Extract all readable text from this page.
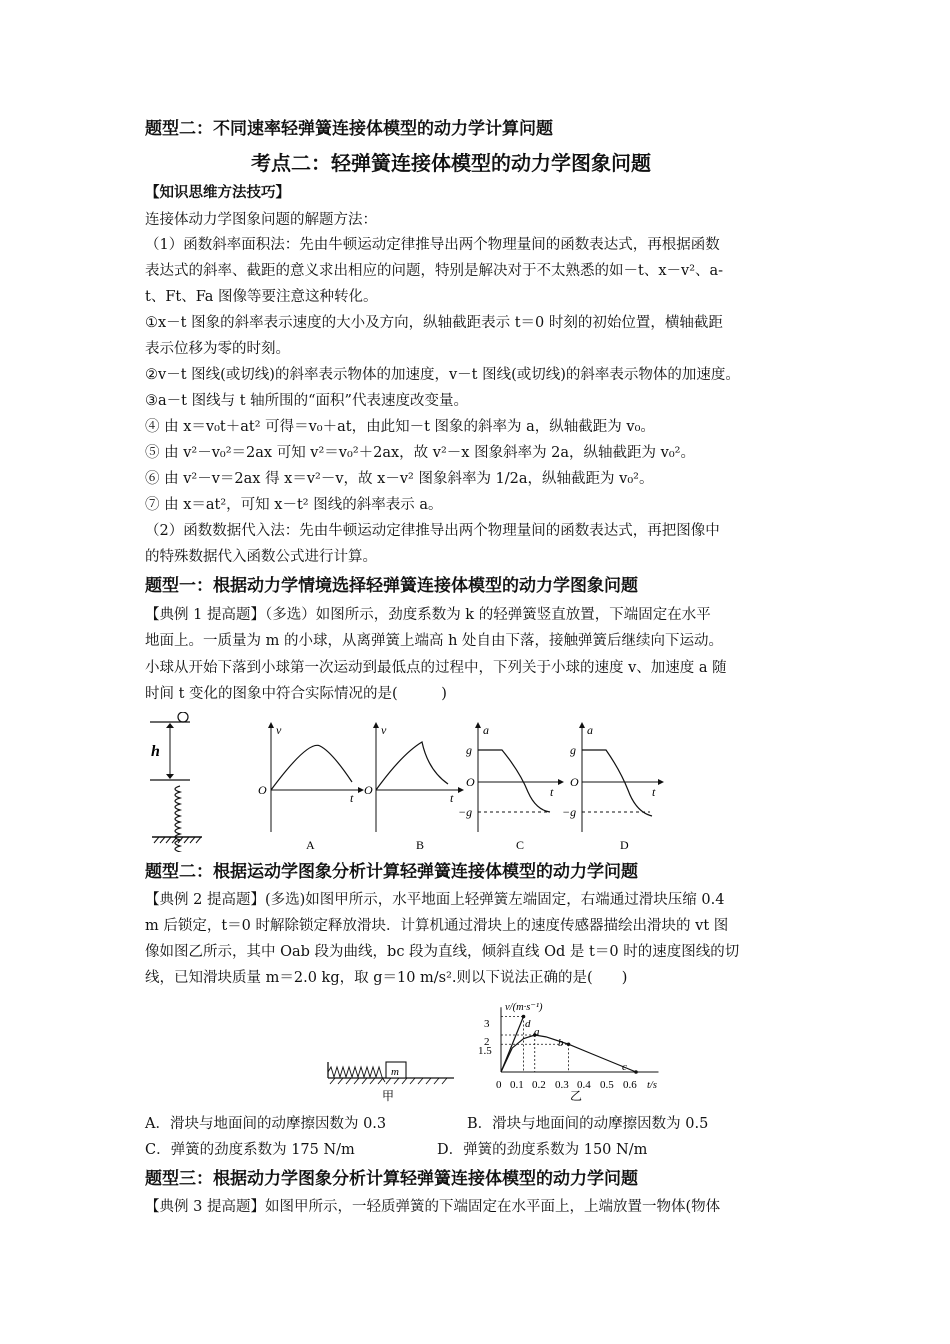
题型二：不同速率轻弹簧连接体模型的动力学计算问题
考点二：轻弹簧连接体模型的动力学图象问题
【知识思维方法技巧】
连接体动力学图象问题的解题方法：
（1）函数斜率面积法：先由牛顿运动定律推导出两个物理量间的函数表达式，再根据函数
表达式的斜率、截距的意义求出相应的问题，特别是解决对于不太熟悉的如－t、x－v²、a-
t、Ft、Fa 图像等要注意这种转化。
①x－t 图象的斜率表示速度的大小及方向，纵轴截距表示 t＝0 时刻的初始位置，横轴截距
表示位移为零的时刻。
②v－t 图线(或切线)的斜率表示物体的加速度，v－t 图线(或切线)的斜率表示物体的加速度。
③a－t 图线与 t 轴所围的“面积”代表速度改变量。
④ 由 x＝v₀t＋at² 可得＝v₀＋at，由此知－t 图象的斜率为 a，纵轴截距为 v₀。
⑤ 由 v²－v₀²＝2ax 可知 v²＝v₀²＋2ax，故 v²－x 图象斜率为 2a，纵轴截距为 v₀²。
⑥ 由 v²－v＝2ax 得 x＝v²－v，故 x－v² 图象斜率为 1/2a，纵轴截距为 v₀²。
⑦ 由 x＝at²，可知 x－t² 图线的斜率表示 a。
（2）函数数据代入法：先由牛顿运动定律推导出两个物理量间的函数表达式，再把图像中
的特殊数据代入函数公式进行计算。
题型一：根据动力学情境选择轻弹簧连接体模型的动力学图象问题
【典例 1 提高题】（多选）如图所示，劲度系数为 k 的轻弹簧竖直放置，下端固定在水平
地面上。一质量为 m 的小球，从离弹簧上端高 h 处自由下落，接触弹簧后继续向下运动。
小球从开始下落到小球第一次运动到最低点的过程中，下列关于小球的速度 v、加速度 a 随
时间 t 变化的图象中符合实际情况的是(　　　)
h
v
O
t
A
v
O
t
B
a
g
O
−g
t
C
a
g
O
−g
t
D
题型二：根据运动学图象分析计算轻弹簧连接体模型的动力学问题
【典例 2 提高题】(多选)如图甲所示，水平地面上轻弹簧左端固定，右端通过滑块压缩 0.4
m 后锁定，t＝0 时解除锁定释放滑块．计算机通过滑块上的速度传感器描绘出滑块的 vt 图
像如图乙所示，其中 Oab 段为曲线，bc 段为直线，倾斜直线 Od 是 t＝0 时的速度图线的切
线，已知滑块质量 m＝2.0 kg，取 g＝10 m/s².则以下说法正确的是(　　)
m
甲
v/(m·s⁻¹)
t/s
3
2
1.5
0 0.1 0.2 0.3 0.4 0.5 0.6
d
a
b
c
乙
A．滑块与地面间的动摩擦因数为 0.3	B．滑块与地面间的动摩擦因数为 0.5
C．弹簧的劲度系数为 175 N/m	D．弹簧的劲度系数为 150 N/m
题型三：根据动力学图象分析计算轻弹簧连接体模型的动力学问题
【典例 3 提高题】如图甲所示，一轻质弹簧的下端固定在水平面上，上端放置一物体(物体
